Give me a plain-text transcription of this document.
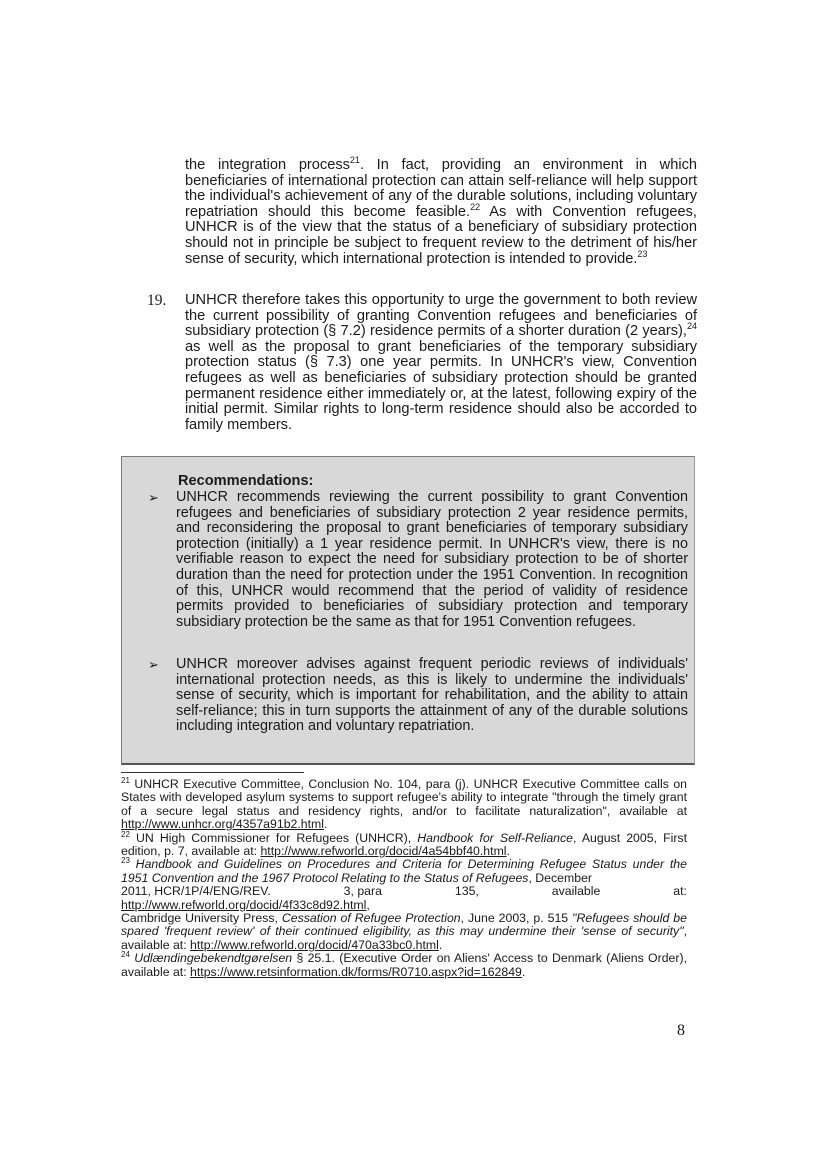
the integration process$^{21}$. In fact, providing an environment in which beneficiaries of international protection can attain self-reliance will help support the individual's achievement of any of the durable solutions, including voluntary repatriation should this become feasible.$^{22}$ As with Convention refugees, UNHCR is of the view that the status of a beneficiary of subsidiary protection should not in principle be subject to frequent review to the detriment of his/her sense of security, which international protection is intended to provide.$^{23}$
19. UNHCR therefore takes this opportunity to urge the government to both review the current possibility of granting Convention refugees and beneficiaries of subsidiary protection (§ 7.2) residence permits of a shorter duration (2 years),$^{24}$ as well as the proposal to grant beneficiaries of the temporary subsidiary protection status (§ 7.3) one year permits. In UNHCR's view, Convention refugees as well as beneficiaries of subsidiary protection should be granted permanent residence either immediately or, at the latest, following expiry of the initial permit. Similar rights to long-term residence should also be accorded to family members.
Recommendations:
➢ UNHCR recommends reviewing the current possibility to grant Convention refugees and beneficiaries of subsidiary protection 2 year residence permits, and reconsidering the proposal to grant beneficiaries of temporary subsidiary protection (initially) a 1 year residence permit. In UNHCR's view, there is no verifiable reason to expect the need for subsidiary protection to be of shorter duration than the need for protection under the 1951 Convention. In recognition of this, UNHCR would recommend that the period of validity of residence permits provided to beneficiaries of subsidiary protection and temporary subsidiary protection be the same as that for 1951 Convention refugees.
➢ UNHCR moreover advises against frequent periodic reviews of individuals' international protection needs, as this is likely to undermine the individuals' sense of security, which is important for rehabilitation, and the ability to attain self-reliance; this in turn supports the attainment of any of the durable solutions including integration and voluntary repatriation.

$^{21}$ UNHCR Executive Committee, Conclusion No. 104, para (j). UNHCR Executive Committee calls on States with developed asylum systems to support refugee's ability to integrate "through the timely grant of a secure legal status and residency rights, and/or to facilitate naturalization", available at http://www.unhcr.org/4357a91b2.html.

$^{22}$ UN High Commissioner for Refugees (UNHCR), Handbook for Self-Reliance, August 2005, First edition, p. 7, available at: http://www.refworld.org/docid/4a54bbf40.html.

$^{23}$ Handbook and Guidelines on Procedures and Criteria for Determining Refugee Status under the 1951 Convention and the 1967 Protocol Relating to the Status of Refugees, December

2011, HCR/1P/4/ENG/REV.	3, para	135,	available	at:

http://www.refworld.org/docid/4f33c8d92.html,

Cambridge University Press, Cessation of Refugee Protection, June 2003, p. 515 "Refugees should be spared 'frequent review' of their continued eligibility, as this may undermine their 'sense of security", available at: http://www.refworld.org/docid/470a33bc0.html.

$^{24}$ Udlændingebekendtgørelsen § 25.1. (Executive Order on Aliens' Access to Denmark (Aliens Order), available at: https://www.retsinformation.dk/forms/R0710.aspx?id=162849.

8
